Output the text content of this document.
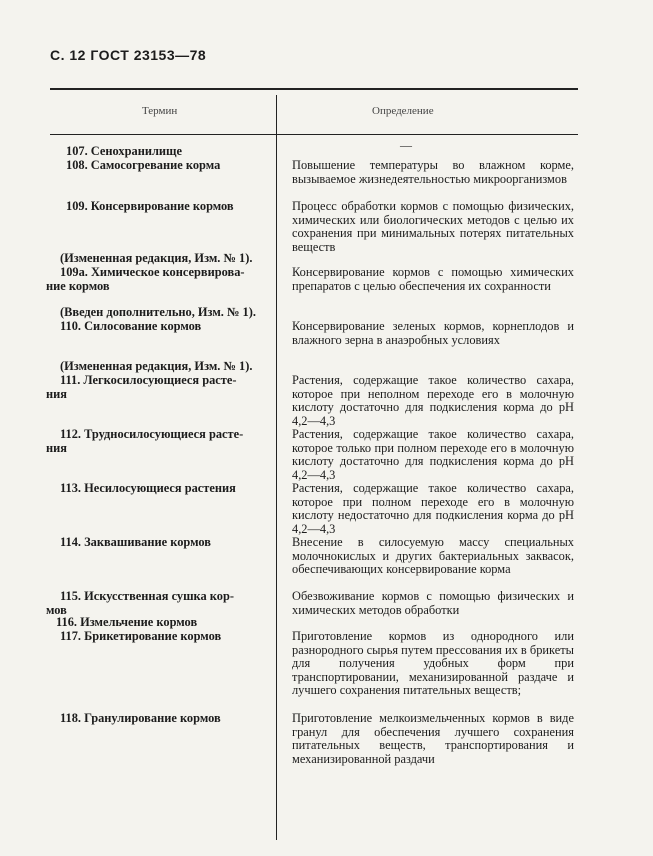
С. 12 ГОСТ 23153—78
Термин	Определение
—
107. Сенохранилище
108. Самосогревание корма
109. Консервирование кормов
(Измененная редакция, Изм. № 1).
109а. Химическое консервирова-
ние кормов
(Введен дополнительно, Изм. № 1).
110. Силосование кормов
(Измененная редакция, Изм. № 1).
111. Легкосилосующиеся расте-
ния
112. Трудносилосующиеся расте-
ния
113. Несилосующиеся растения
114. Заквашивание кормов
115. Искусственная сушка кор-
мов
116. Измельчение кормов
117. Брикетирование кормов
118. Гранулирование кормов
Повышение температуры во влажном корме, вызываемое жизнедеятельностью микроорганизмов
Процесс обработки кормов с помощью физических, химических или биологических методов с целью их сохранения при минимальных потерях питательных веществ
Консервирование кормов с помощью химических препаратов с целью обеспечения их сохранности
Консервирование зеленых кормов, корнеплодов и влажного зерна в анаэробных условиях
Растения, содержащие такое количество сахара, которое при неполном переходе его в молочную кислоту достаточно для подкисления корма до pH 4,2—4,3
Растения, содержащие такое количество сахара, которое только при полном переходе его в молочную кислоту достаточно для подкисления корма до pH 4,2—4,3
Растения, содержащие такое количество сахара, которое при полном переходе его в молочную кислоту недостаточно для подкисления корма до pH 4,2—4,3
Внесение в силосуемую массу специальных молочнокислых и других бактериальных заквасок, обеспечивающих консервирование корма
Обезвоживание кормов с помощью физических и химических методов обработки
Приготовление кормов из однородного или разнородного сырья путем прессования их в брикеты для получения удобных форм при транспортировании, механизированной раздаче и лучшего сохранения питательных веществ;
Приготовление мелкоизмельченных кормов в виде гранул для обеспечения лучшего сохранения питательных веществ, транспортирования и механизированной раздачи
